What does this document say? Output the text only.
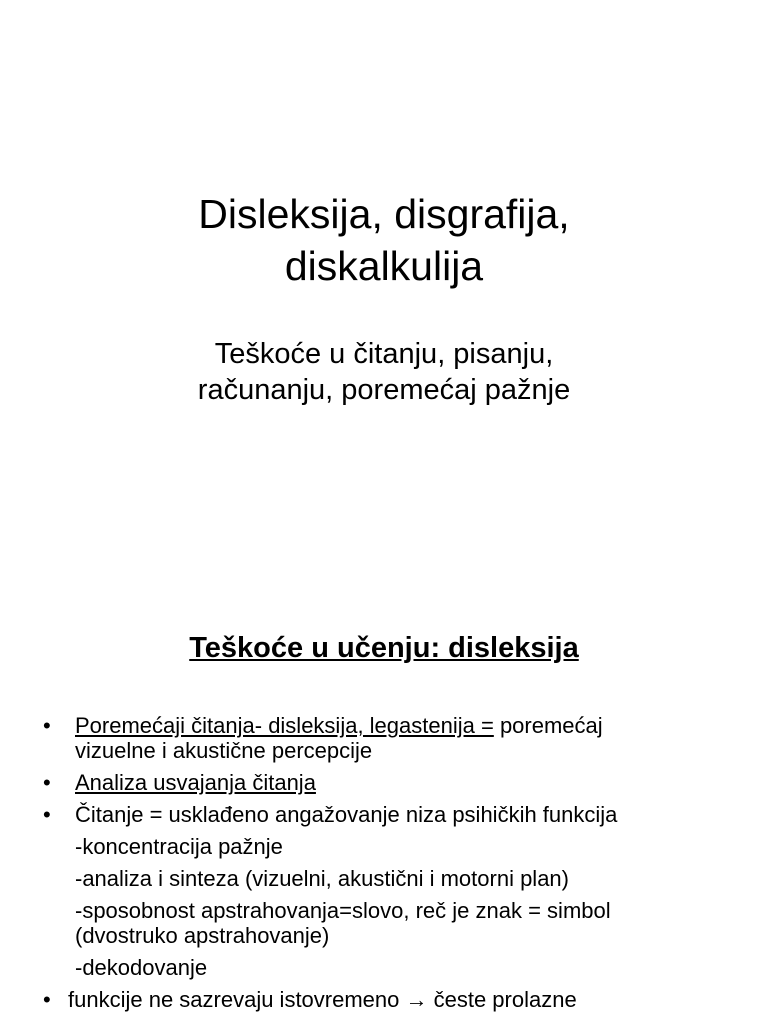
Disleksija, disgrafija,
diskalkulija
Teškoće u čitanju, pisanju,
računanju, poremećaj pažnje
Teškoće u učenju: disleksija
• Poremećaji čitanja- disleksija, legastenija = poremećaj
vizuelne i akustične percepcije
• Analiza usvajanja čitanja
• Čitanje = usklađeno angažovanje niza psihičkih funkcija
-koncentracija pažnje
-analiza i sinteza (vizuelni, akustični i motorni plan)
-sposobnost apstrahovanja=slovo, reč je znak = simbol
(dvostruko apstrahovanje)
-dekodovanje
• funkcije ne sazrevaju istovremeno → česte prolazne
